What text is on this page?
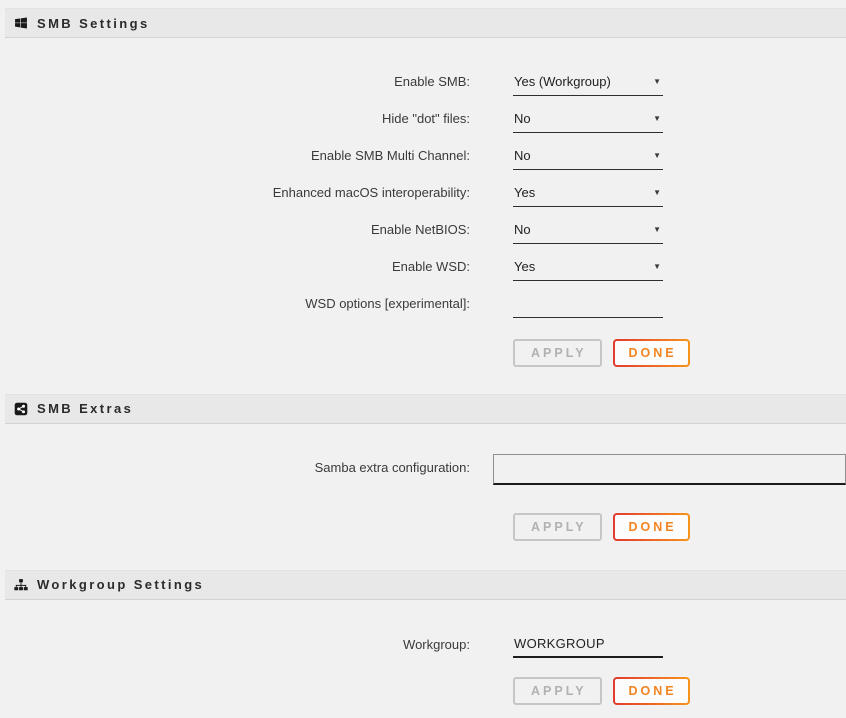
SMB Settings
Enable SMB:	Yes (Workgroup)	▼
Hide "dot" files:	No	▼
Enable SMB Multi Channel:	No	▼
Enhanced macOS interoperability:	Yes	▼
Enable NetBIOS:	No	▼
Enable WSD:	Yes	▼
WSD options [experimental]:
APPLY	DONE
SMB Extras
Samba extra configuration:
APPLY	DONE
Workgroup Settings
Workgroup:
WORKGROUP
APPLY	DONE
